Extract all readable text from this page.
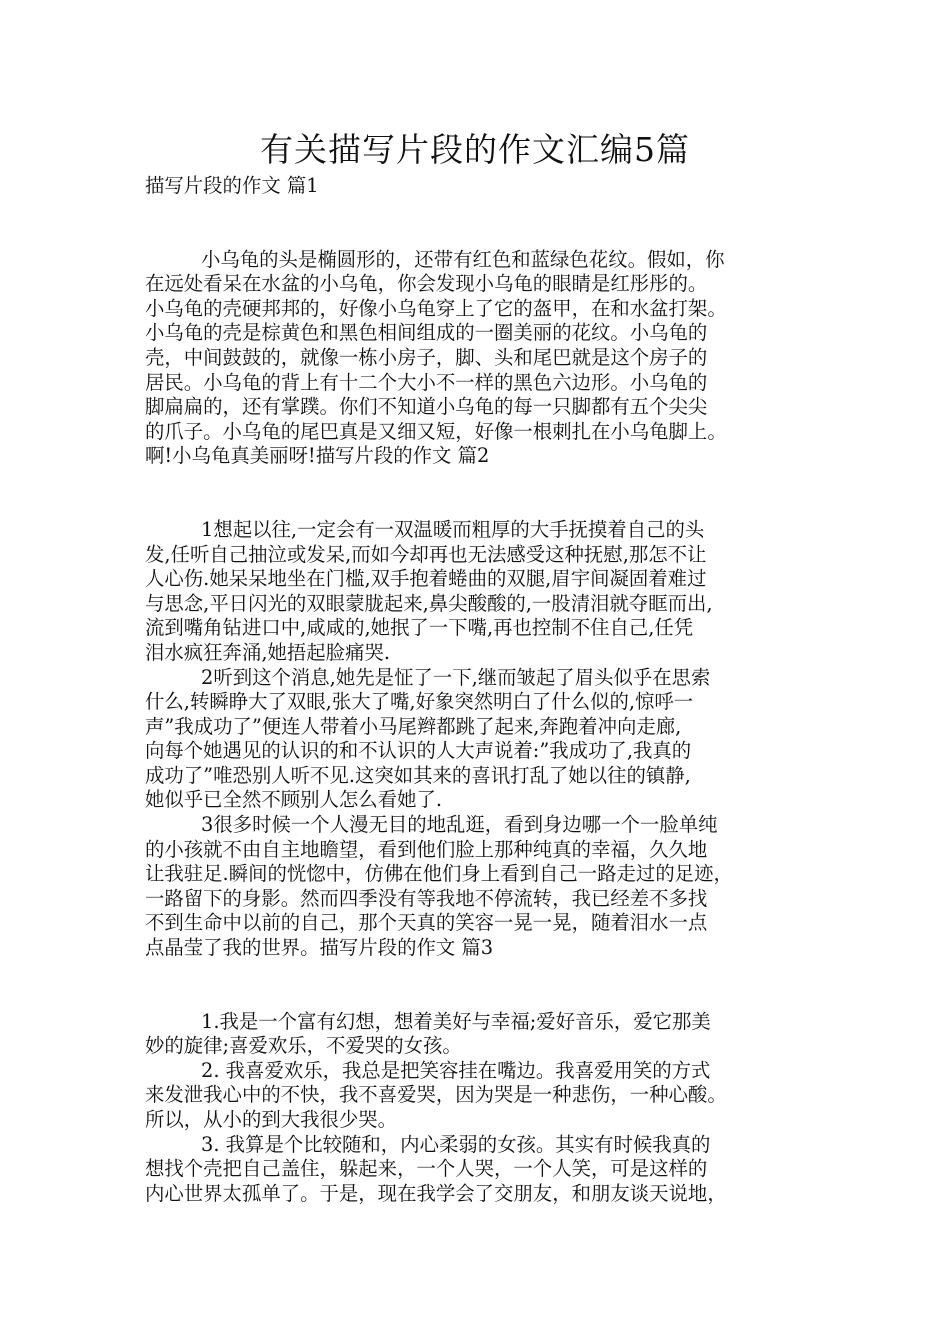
有关描写片段的作文汇编5篇
描写片段的作文 篇1
小乌龟的头是椭圆形的，还带有红色和蓝绿色花纹。假如，你
在远处看呆在水盆的小乌龟，你会发现小乌龟的眼睛是红彤彤的。
小乌龟的壳硬邦邦的，好像小乌龟穿上了它的盔甲，在和水盆打架。
小乌龟的壳是棕黄色和黑色相间组成的一圈美丽的花纹。小乌龟的
壳，中间鼓鼓的，就像一栋小房子，脚、头和尾巴就是这个房子的
居民。小乌龟的背上有十二个大小不一样的黑色六边形。小乌龟的
脚扁扁的，还有掌蹼。你们不知道小乌龟的每一只脚都有五个尖尖
的爪子。小乌龟的尾巴真是又细又短，好像一根刺扎在小乌龟脚上。
啊!小乌龟真美丽呀!描写片段的作文 篇2
1想起以往,一定会有一双温暖而粗厚的大手抚摸着自己的头
发,任听自己抽泣或发呆,而如今却再也无法感受这种抚慰,那怎不让
人心伤.她呆呆地坐在门槛,双手抱着蜷曲的双腿,眉宇间凝固着难过
与思念,平日闪光的双眼蒙胧起来,鼻尖酸酸的,一股清泪就夺眶而出,
流到嘴角钻进口中,咸咸的,她抿了一下嘴,再也控制不住自己,任凭
泪水疯狂奔涌,她捂起脸痛哭.
2听到这个消息,她先是怔了一下,继而皱起了眉头似乎在思索
什么,转瞬睁大了双眼,张大了嘴,好象突然明白了什么似的,惊呼一
声”我成功了”便连人带着小马尾辫都跳了起来,奔跑着冲向走廊,
向每个她遇见的认识的和不认识的人大声说着:”我成功了,我真的
成功了”唯恐别人听不见.这突如其来的喜讯打乱了她以往的镇静,
她似乎已全然不顾别人怎么看她了.
3很多时候一个人漫无目的地乱逛，看到身边哪一个一脸单纯
的小孩就不由自主地瞻望，看到他们脸上那种纯真的幸福，久久地
让我驻足.瞬间的恍惚中，仿佛在他们身上看到自己一路走过的足迹，
一路留下的身影。然而四季没有等我地不停流转，我已经差不多找
不到生命中以前的自己，那个天真的笑容一晃一晃，随着泪水一点
点晶莹了我的世界。描写片段的作文 篇3
1.我是一个富有幻想，想着美好与幸福;爱好音乐，爱它那美
妙的旋律;喜爱欢乐，不爱哭的女孩。
2. 我喜爱欢乐，我总是把笑容挂在嘴边。我喜爱用笑的方式
来发泄我心中的不快，我不喜爱哭，因为哭是一种悲伤，一种心酸。
所以，从小的到大我很少哭。
3. 我算是个比较随和，内心柔弱的女孩。其实有时候我真的
想找个壳把自己盖住，躲起来，一个人哭，一个人笑，可是这样的
内心世界太孤单了。于是，现在我学会了交朋友，和朋友谈天说地，
